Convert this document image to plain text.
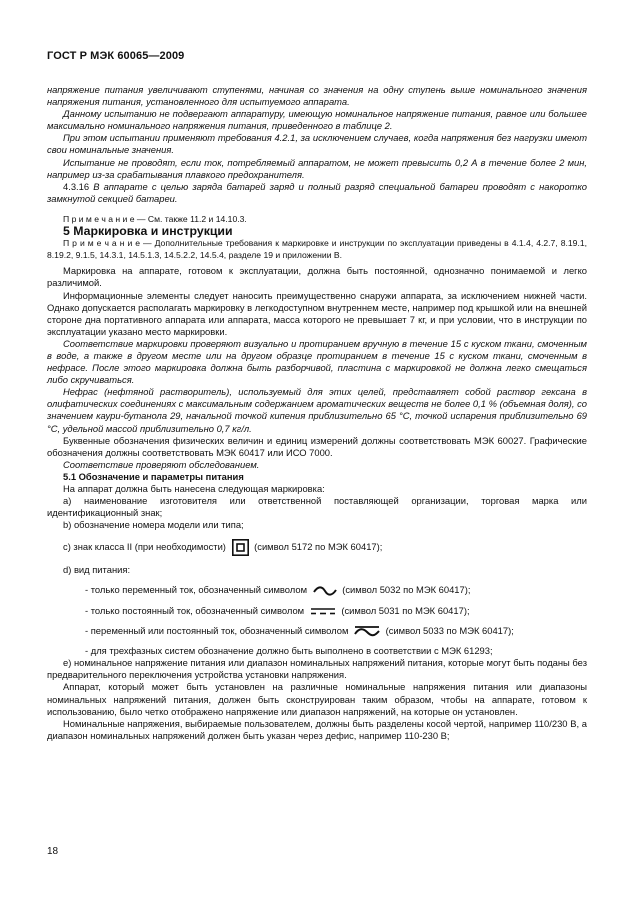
ГОСТ Р МЭК 60065—2009

напряжение питания увеличивают ступенями, начиная со значения на одну ступень выше номинального значения напряжения питания, установленного для испытуемого аппарата.

Данному испытанию не подвергают аппаратуру, имеющую номинальное напряжение питания, равное или большее максимально номинального напряжения питания, приведенного в таблице 2.

При этом испытании применяют требования 4.2.1, за исключением случаев, когда напряжения без нагрузки имеют свои номинальные значения.

Испытание не проводят, если ток, потребляемый аппаратом, не может превысить 0,2 А в течение более 2 мин, например из-за срабатывания плавкого предохранителя.

4.3.16 В аппарате с целью заряда батарей заряд и полный разряд специальной батареи проводят с накоротко замкнутой секцией батареи.

П р и м е ч а н и е — См. также 11.2 и 14.10.3.

5 Маркировка и инструкции

П р и м е ч а н и е — Дополнительные требования к маркировке и инструкции по эксплуатации приведены в 4.1.4, 4.2.7, 8.19.1, 8.19.2, 9.1.5, 14.3.1, 14.5.1.3, 14.5.2.2, 14.5.4, разделе 19 и приложении В.

Маркировка на аппарате, готовом к эксплуатации, должна быть постоянной, однозначно понимаемой и легко различимой.

Информационные элементы следует наносить преимущественно снаружи аппарата, за исключением нижней части. Однако допускается располагать маркировку в легкодоступном внутреннем месте, например под крышкой или на внешней стороне дна портативного аппарата или аппарата, масса которого не превышает 7 кг, и при условии, что в инструкции по эксплуатации указано место маркировки.

Соответствие маркировки проверяют визуально и протиранием вручную в течение 15 с куском ткани, смоченным в воде, а также в другом месте или на другом образце протиранием в течение 15 с куском ткани, смоченным в нефрасе. После этого маркировка должна быть разборчивой, пластина с маркировкой не должна легко смещаться либо скручиваться.

Нефрас (нефтяной растворитель), используемый для этих целей, представляет собой раствор гексана в олифатических соединениях с максимальным содержанием ароматических веществ не более 0,1 % (объемная доля), со значением каури-бутанола 29, начальной точкой кипения приблизительно 65 °С, точкой испарения приблизительно 69 °С, удельной массой приблизительно 0,7 кг/л.

Буквенные обозначения физических величин и единиц измерений должны соответствовать МЭК 60027. Графические обозначения должны соответствовать МЭК 60417 или ИСО 7000.

Соответствие проверяют обследованием.

5.1 Обозначение и параметры питания

На аппарат должна быть нанесена следующая маркировка:

a) наименование изготовителя или ответственной поставляющей организации, торговая марка или идентификационный знак;

b) обозначение номера модели или типа;

c) знак класса II (при необходимости)	(символ 5172 по МЭК 60417);

d) вид питания:

- только переменный ток, обозначенный символом	(символ 5032 по МЭК 60417);

- только постоянный ток, обозначенный символом	(символ 5031 по МЭК 60417);

- переменный или постоянный ток, обозначенный символом	(символ 5033 по МЭК 60417);

- для трехфазных систем обозначение должно быть выполнено в соответствии с МЭК 61293;

e) номинальное напряжение питания или диапазон номинальных напряжений питания, которые могут быть поданы без предварительного переключения устройства установки напряжения.

Аппарат, который может быть установлен на различные номинальные напряжения питания или диапазоны номинальных напряжений питания, должен быть сконструирован таким образом, чтобы на аппарате, готовом к использованию, было четко отображено напряжение или диапазон напряжений, на которые он установлен.

Номинальные напряжения, выбираемые пользователем, должны быть разделены косой чертой, например 110/230 В, а диапазон номинальных напряжений должен быть указан через дефис, например 110-230 В;

18
